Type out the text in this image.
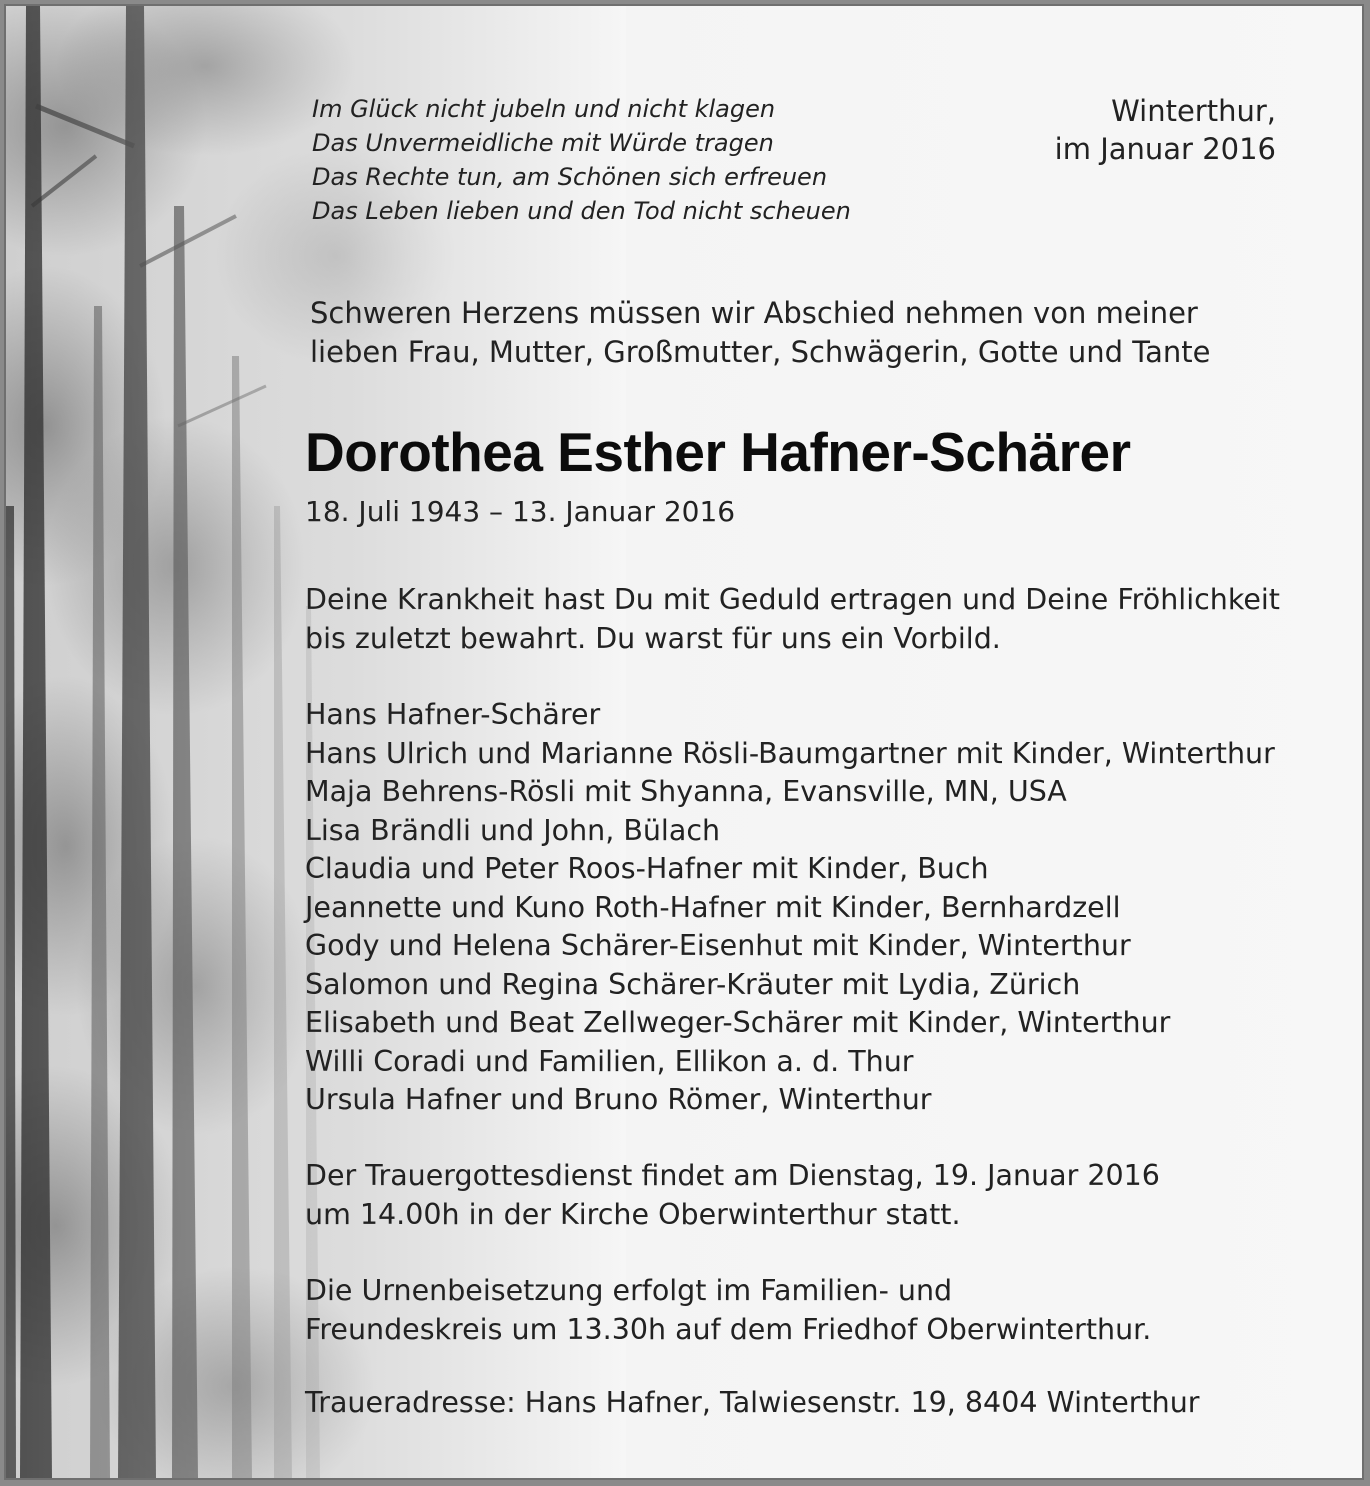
Im Glück nicht jubeln und nicht klagen
Das Unvermeidliche mit Würde tragen
Das Rechte tun, am Schönen sich erfreuen
Das Leben lieben und den Tod nicht scheuen
Winterthur,
im Januar 2016
Schweren Herzens müssen wir Abschied nehmen von meiner
lieben Frau, Mutter, Großmutter, Schwägerin, Gotte und Tante
Dorothea Esther Hafner-Schärer
18. Juli 1943 – 13. Januar 2016
Deine Krankheit hast Du mit Geduld ertragen und Deine Fröhlichkeit
bis zuletzt bewahrt. Du warst für uns ein Vorbild.
Hans Hafner-Schärer
Hans Ulrich und Marianne Rösli-Baumgartner mit Kinder, Winterthur
Maja Behrens-Rösli mit Shyanna, Evansville, MN, USA
Lisa Brändli und John, Bülach
Claudia und Peter Roos-Hafner mit Kinder, Buch
Jeannette und Kuno Roth-Hafner mit Kinder, Bernhardzell
Gody und Helena Schärer-Eisenhut mit Kinder, Winterthur
Salomon und Regina Schärer-Kräuter mit Lydia, Zürich
Elisabeth und Beat Zellweger-Schärer mit Kinder, Winterthur
Willi Coradi und Familien, Ellikon a. d. Thur
Ursula Hafner und Bruno Römer, Winterthur
Der Trauergottesdienst findet am Dienstag, 19. Januar 2016
um 14.00h in der Kirche Oberwinterthur statt.
Die Urnenbeisetzung erfolgt im Familien- und
Freundeskreis um 13.30h auf dem Friedhof Oberwinterthur.
Traueradresse: Hans Hafner, Talwiesenstr. 19, 8404 Winterthur
